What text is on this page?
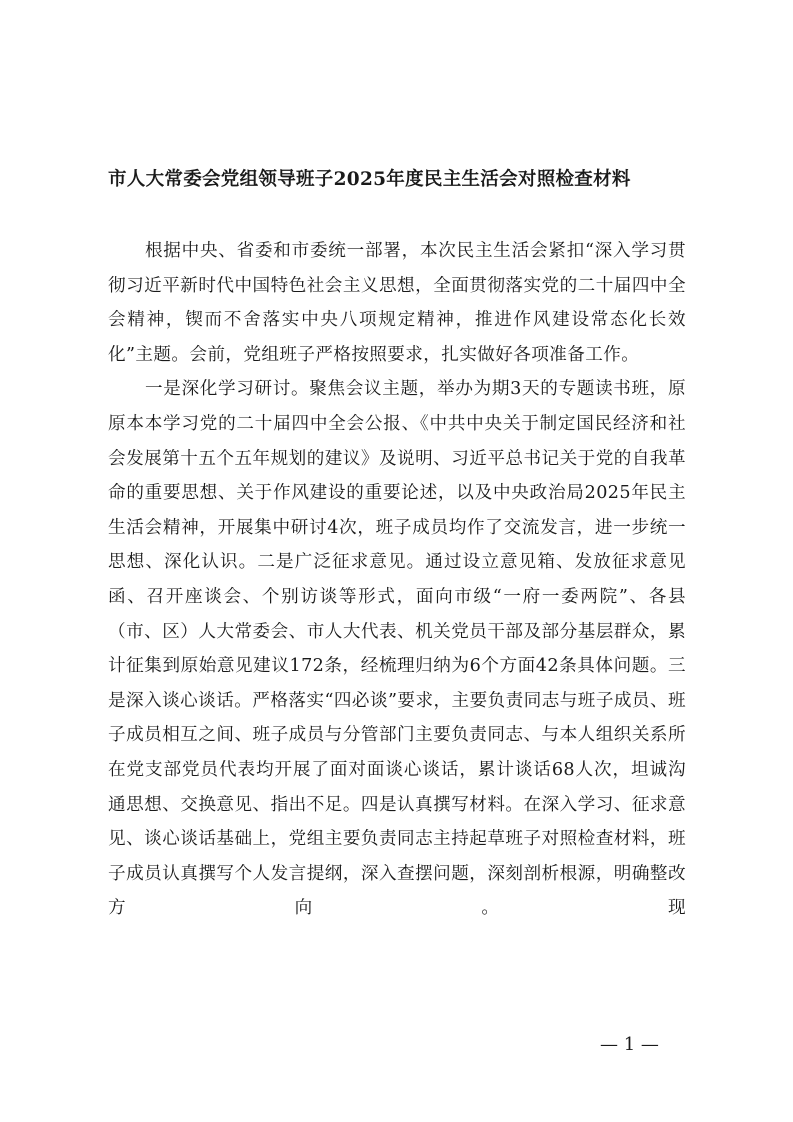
市人大常委会党组领导班子2025年度民主生活会对照检查材料

根据中央、省委和市委统一部署，本次民主生活会紧扣“深入学习贯彻习近平新时代中国特色社会主义思想，全面贯彻落实党的二十届四中全会精神，锲而不舍落实中央八项规定精神，推进作风建设常态化长效化”主题。会前，党组班子严格按照要求，扎实做好各项准备工作。

一是深化学习研讨。聚焦会议主题，举办为期3天的专题读书班，原原本本学习党的二十届四中全会公报、《中共中央关于制定国民经济和社会发展第十五个五年规划的建议》及说明、习近平总书记关于党的自我革命的重要思想、关于作风建设的重要论述，以及中央政治局2025年民主生活会精神，开展集中研讨4次，班子成员均作了交流发言，进一步统一思想、深化认识。二是广泛征求意见。通过设立意见箱、发放征求意见函、召开座谈会、个别访谈等形式，面向市级“一府一委两院”、各县（市、区）人大常委会、市人大代表、机关党员干部及部分基层群众，累计征集到原始意见建议172条，经梳理归纳为6个方面42条具体问题。三是深入谈心谈话。严格落实“四必谈”要求，主要负责同志与班子成员、班子成员相互之间、班子成员与分管部门主要负责同志、与本人组织关系所在党支部党员代表均开展了面对面谈心谈话，累计谈话68人次，坦诚沟通思想、交换意见、指出不足。四是认真撰写材料。在深入学习、征求意见、谈心谈话基础上，党组主要负责同志主持起草班子对照检查材料，班子成员认真撰写个人发言提纲，深入查摆问题，深刻剖析根源，明确整改方向。现

— 1 —
